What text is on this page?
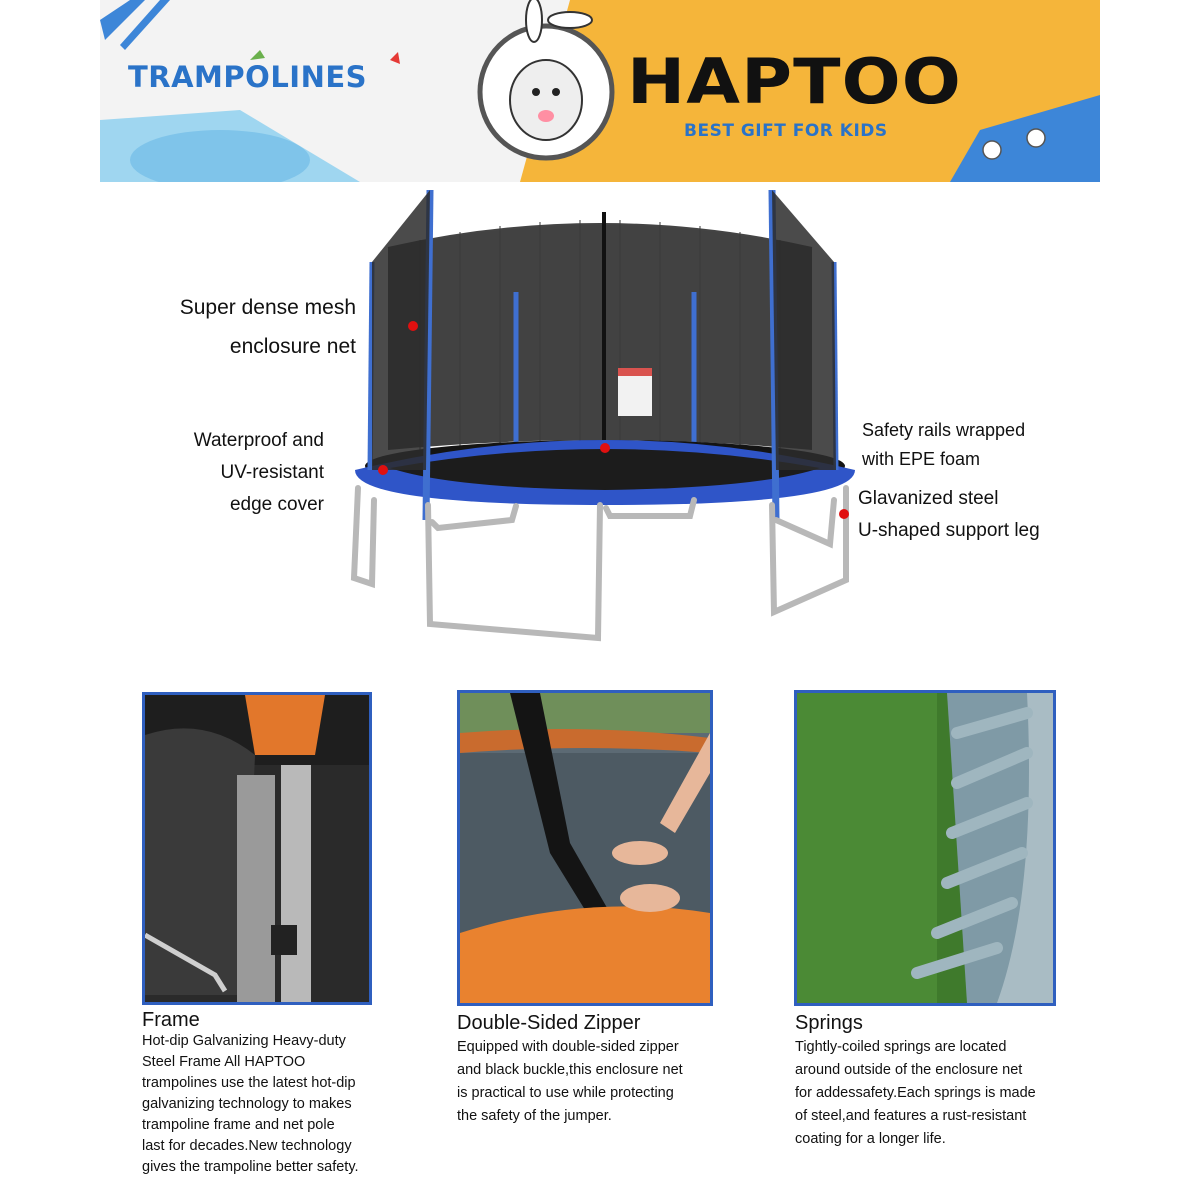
TRAMPOLINES	HAPTOO
BEST GIFT FOR KIDS
Super dense mesh
enclosure net
Waterproof and
UV-resistant
edge cover
Safety rails wrapped
with EPE foam
Glavanized steel
U-shaped support leg
Frame
Hot-dip Galvanizing Heavy-duty
Steel Frame All HAPTOO
trampolines use the latest hot-dip
galvanizing technology to makes
trampoline frame and net pole
last for decades.New technology
gives the trampoline better safety.
Double-Sided Zipper
Equipped with double-sided zipper
and black buckle,this enclosure net
is practical to use while protecting
the safety of the jumper.
Springs
Tightly-coiled springs are located
around outside of the enclosure net
for addessafety.Each springs is made
of steel,and features a rust-resistant
coating for a longer life.
